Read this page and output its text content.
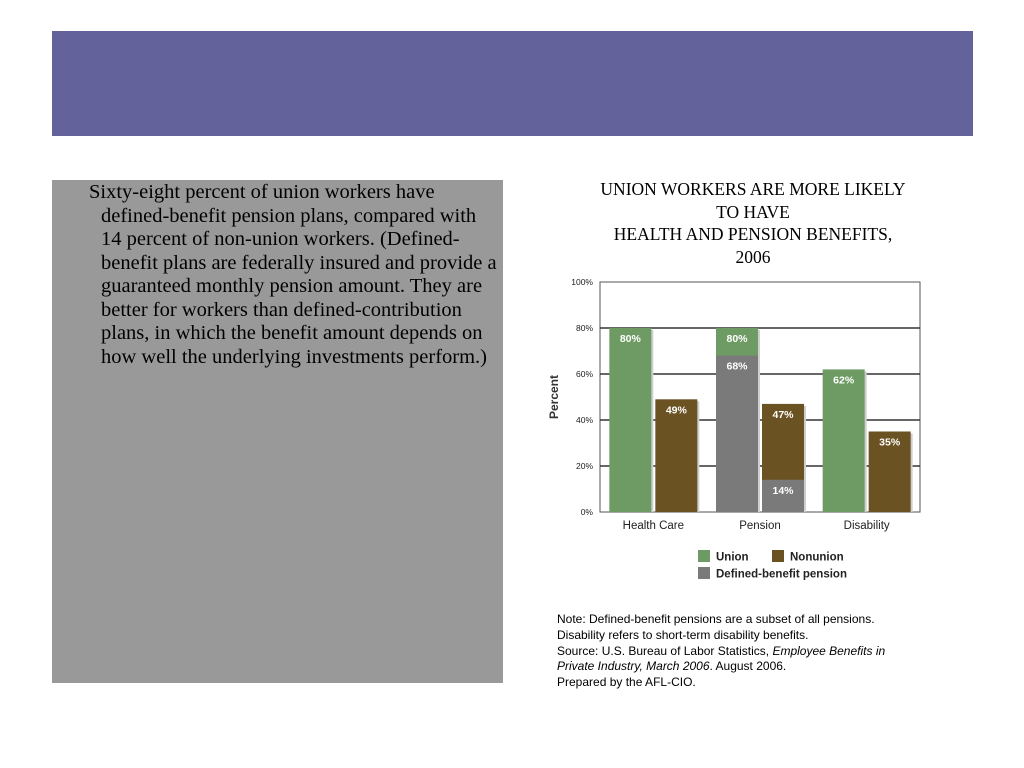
Sixty-eight percent of union workers have defined-benefit pension plans, compared with 14 percent of non-union workers. (Defined-benefit plans are federally insured and provide a guaranteed monthly pension amount. They are better for workers than defined-contribution plans, in which the benefit amount depends on how well the underlying investments perform.)

UNION WORKERS ARE MORE LIKELY
TO HAVE
HEALTH AND PENSION BENEFITS,
2006
0%
20%
40%
60%
80%
100%
Percent
80%
49%
Health Care
80%
68%
47%
14%
Pension
62%
35%
Disability
Union	Nonunion
Defined-benefit pension
Note: Defined-benefit pensions are a subset of all pensions.
Disability refers to short-term disability benefits.
Source: U.S. Bureau of Labor Statistics, Employee Benefits in
Private Industry, March 2006. August 2006.
Prepared by the AFL-CIO.
